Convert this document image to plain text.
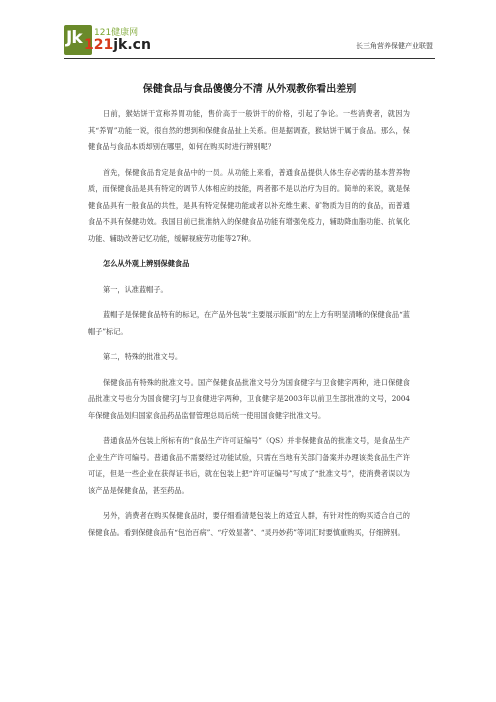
Jk 121健康网
121jk.cn	长三角营养保健产业联盟
保健食品与食品傻傻分不清 从外观教你看出差别

日前，猴姑饼干宣称养胃功能，售价高于一般饼干的价格，引起了争论。一些消费者，就因为其“养胃”功能一说，很自然的想到和保健食品扯上关系。但是据调查，猴姑饼干属于食品。那么，保健食品与食品本质却别在哪里，如何在购买时进行辨别呢？

首先，保健食品肯定是食品中的一员。从功能上来看，普通食品提供人体生存必需的基本营养物质，而保健食品是具有特定的调节人体相应的技能，两者都不是以治疗为目的。简单的来说，就是保健食品具有一般食品的共性，是具有特定保健功能或者以补充维生素、矿物质为目的的食品，而普通食品不具有保健功效。我国目前已批准纳入的保健食品功能有增强免疫力，辅助降血脂功能、抗氧化功能、辅助改善记忆功能，缓解视疲劳功能等27种。

怎么从外观上辨别保健食品

第一，认准蓝帽子。

蓝帽子是保健食品特有的标记，在产品外包装“主要展示版面”的左上方有明显清晰的保健食品“蓝帽子”标记。

第二，特殊的批准文号。

保健食品有特殊的批准文号。国产保健食品批准文号分为国食健字与卫食健字两种，进口保健食品批准文号也分为国食健字J与卫食健进字两种，卫食健字是2003年以前卫生部批准的文号，2004 年保健食品划归国家食品药品监督管理总局后统一使用国食健字批准文号。

普通食品外包装上所标有的“食品生产许可证编号”（QS）并非保健食品的批准文号，是食品生产企业生产许可编号。普通食品不需要经过功能试验，只需在当地有关部门备案并办理该类食品生产许可证，但是一些企业在获得证书后，就在包装上把“许可证编号”写成了“批准文号”，使消费者误以为该产品是保健食品，甚至药品。

另外，消费者在购买保健食品时，要仔细看清楚包装上的适宜人群，有针对性的购买适合自己的保健食品。看到保健食品有“包治百病”、“疗效显著”、“灵丹妙药”等词汇时要慎重购买，仔细辨别。
